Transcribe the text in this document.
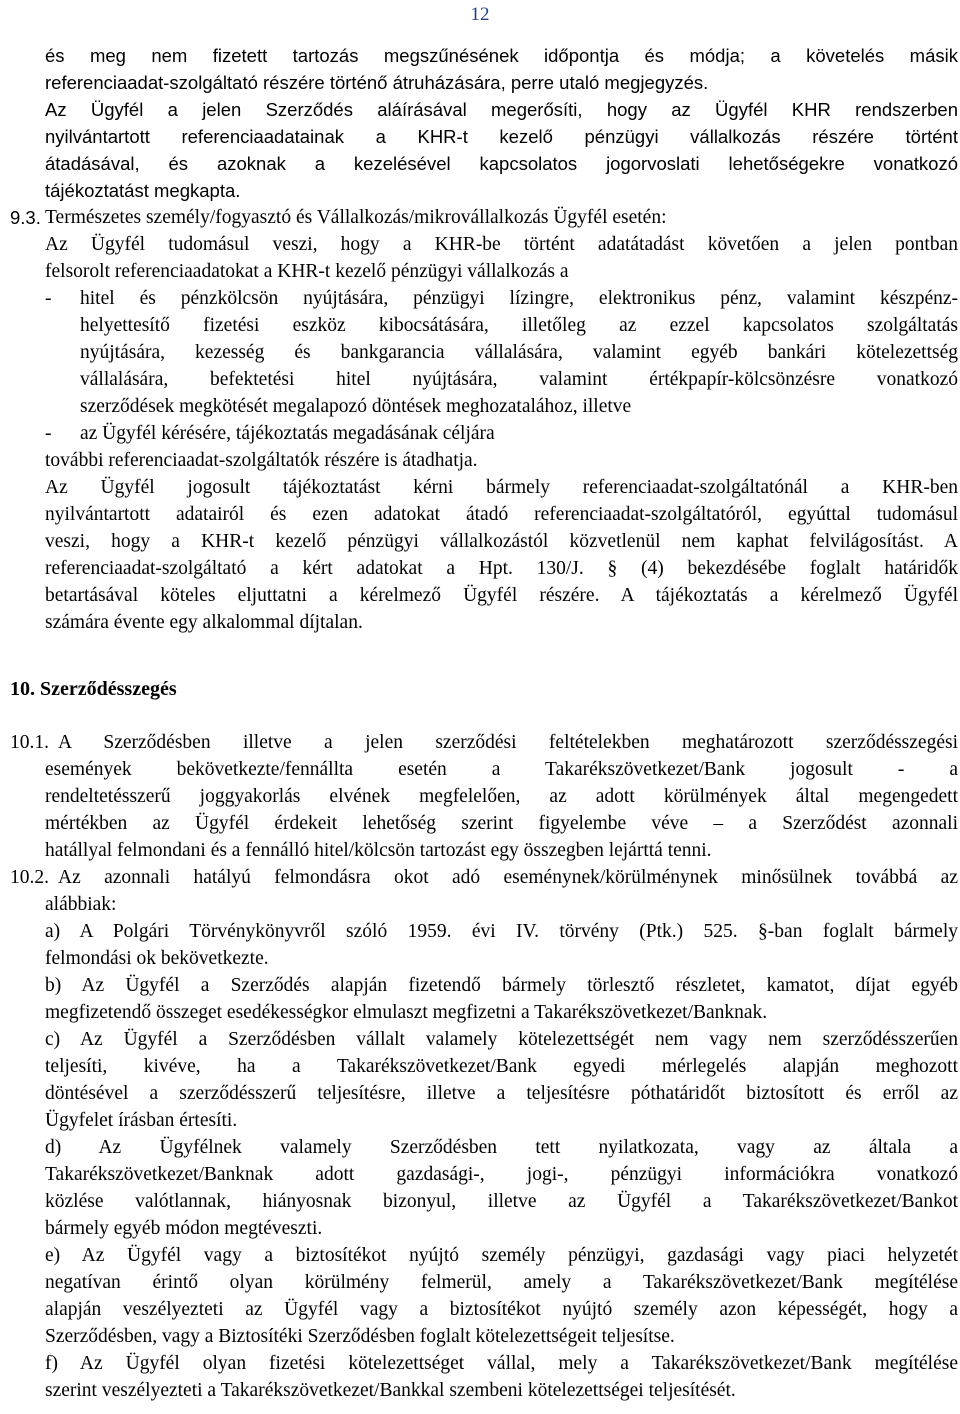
12
és meg nem fizetett tartozás megszűnésének időpontja és módja; a követelés másik
referenciaadat-szolgáltató részére történő átruházására, perre utaló megjegyzés.
Az Ügyfél a jelen Szerződés aláírásával megerősíti, hogy az Ügyfél KHR rendszerben
nyilvántartott referenciaadatainak a KHR-t kezelő pénzügyi vállalkozás részére történt
átadásával, és azoknak a kezelésével kapcsolatos jogorvoslati lehetőségekre vonatkozó
tájékoztatást megkapta.
9.3. Természetes személy/fogyasztó és Vállalkozás/mikrovállalkozás Ügyfél esetén:
Az Ügyfél tudomásul veszi, hogy a KHR-be történt adatátadást követően a jelen pontban
felsorolt referenciaadatokat a KHR-t kezelő pénzügyi vállalkozás a
- hitel és pénzkölcsön nyújtására, pénzügyi lízingre, elektronikus pénz, valamint készpénz-
helyettesítő fizetési eszköz kibocsátására, illetőleg az ezzel kapcsolatos szolgáltatás
nyújtására, kezesség és bankgarancia vállalására, valamint egyéb bankári kötelezettség
vállalására, befektetési hitel nyújtására, valamint értékpapír-kölcsönzésre vonatkozó
szerződések megkötését megalapozó döntések meghozatalához, illetve
- az Ügyfél kérésére, tájékoztatás megadásának céljára
további referenciaadat-szolgáltatók részére is átadhatja.
Az Ügyfél jogosult tájékoztatást kérni bármely referenciaadat-szolgáltatónál a KHR-ben
nyilvántartott adatairól és ezen adatokat átadó referenciaadat-szolgáltatóról, egyúttal tudomásul
veszi, hogy a KHR-t kezelő pénzügyi vállalkozástól közvetlenül nem kaphat felvilágosítást. A
referenciaadat-szolgáltató a kért adatokat a Hpt. 130/J. § (4) bekezdésébe foglalt határidők
betartásával köteles eljuttatni a kérelmező Ügyfél részére. A tájékoztatás a kérelmező Ügyfél
számára évente egy alkalommal díjtalan.
10. Szerződésszegés
10.1. A Szerződésben illetve a jelen szerződési feltételekben meghatározott szerződésszegési
események bekövetkezte/fennállta esetén a Takarékszövetkezet/Bank jogosult - a
rendeltetésszerű joggyakorlás elvének megfelelően, az adott körülmények által megengedett
mértékben az Ügyfél érdekeit lehetőség szerint figyelembe véve – a Szerződést azonnali
hatállyal felmondani és a fennálló hitel/kölcsön tartozást egy összegben lejárttá tenni.
10.2. Az azonnali hatályú felmondásra okot adó eseménynek/körülménynek minősülnek továbbá az
alábbiak:
a) A Polgári Törvénykönyvről szóló 1959. évi IV. törvény (Ptk.) 525. §-ban foglalt bármely
felmondási ok bekövetkezte.
b) Az Ügyfél a Szerződés alapján fizetendő bármely törlesztő részletet, kamatot, díjat egyéb
megfizetendő összeget esedékességkor elmulaszt megfizetni a Takarékszövetkezet/Banknak.
c) Az Ügyfél a Szerződésben vállalt valamely kötelezettségét nem vagy nem szerződésszerűen
teljesíti, kivéve, ha a Takarékszövetkezet/Bank egyedi mérlegelés alapján meghozott
döntésével a szerződésszerű teljesítésre, illetve a teljesítésre póthatáridőt biztosított és erről az
Ügyfelet írásban értesíti.
d) Az Ügyfélnek valamely Szerződésben tett nyilatkozata, vagy az általa a
Takarékszövetkezet/Banknak adott gazdasági-, jogi-, pénzügyi információkra vonatkozó
közlése valótlannak, hiányosnak bizonyul, illetve az Ügyfél a Takarékszövetkezet/Bankot
bármely egyéb módon megtéveszti.
e) Az Ügyfél vagy a biztosítékot nyújtó személy pénzügyi, gazdasági vagy piaci helyzetét
negatívan érintő olyan körülmény felmerül, amely a Takarékszövetkezet/Bank megítélése
alapján veszélyezteti az Ügyfél vagy a biztosítékot nyújtó személy azon képességét, hogy a
Szerződésben, vagy a Biztosítéki Szerződésben foglalt kötelezettségeit teljesítse.
f) Az Ügyfél olyan fizetési kötelezettséget vállal, mely a Takarékszövetkezet/Bank megítélése
szerint veszélyezteti a Takarékszövetkezet/Bankkal szembeni kötelezettségei teljesítését.
